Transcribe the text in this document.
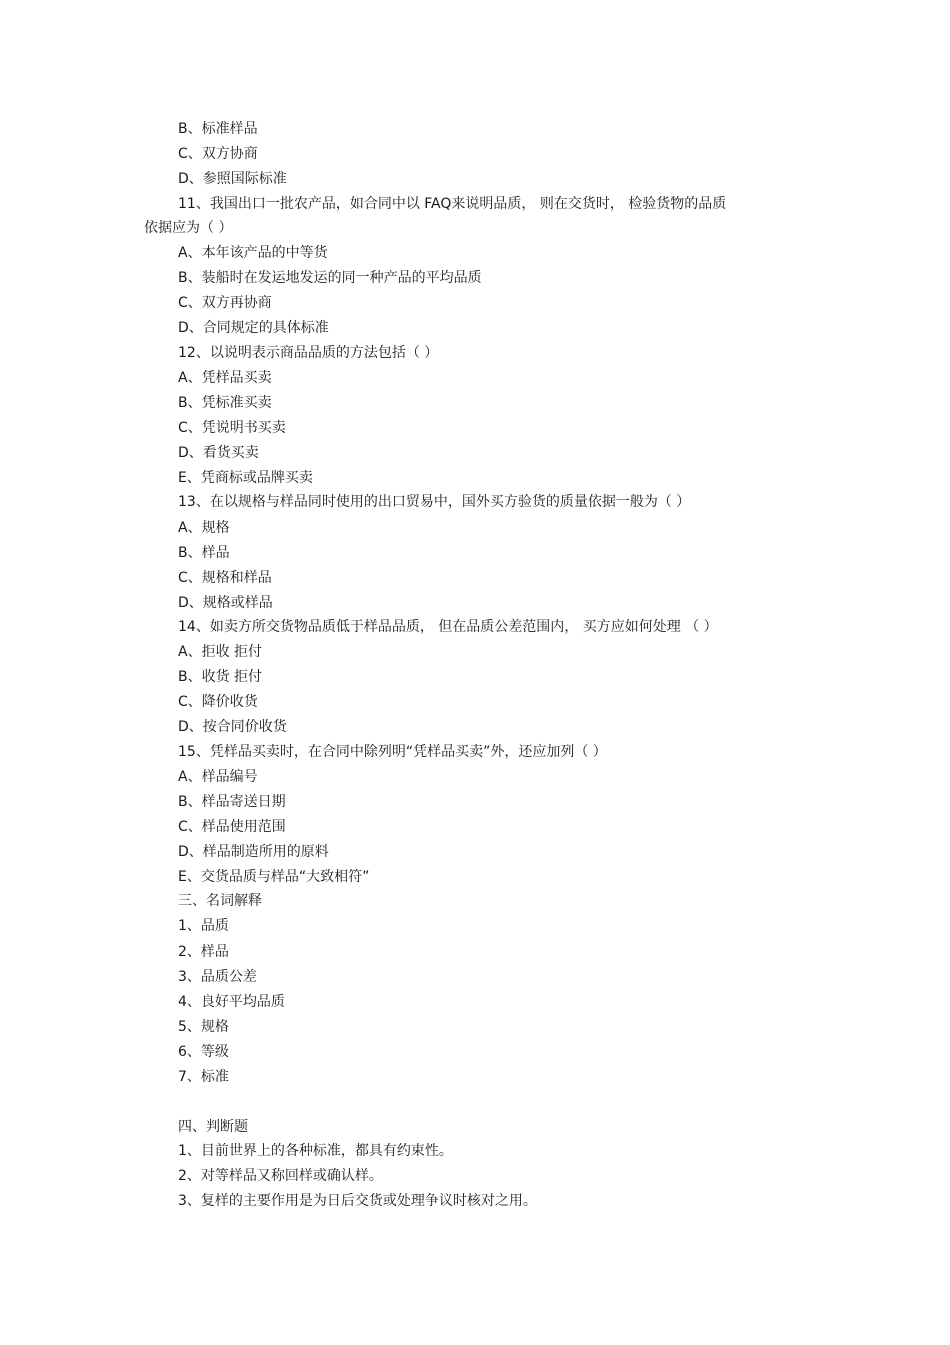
B、标准样品
C、双方协商
D、参照国际标准
11、我国出口一批农产品，如合同中以 FAQ来说明品质， 则在交货时， 检验货物的品质
依据应为（ ）
A、本年该产品的中等货
B、装船时在发运地发运的同一种产品的平均品质
C、双方再协商
D、合同规定的具体标准
12、以说明表示商品品质的方法包括（ ）
A、凭样品买卖
B、凭标准买卖
C、凭说明书买卖
D、看货买卖
E、凭商标或品牌买卖
13、在以规格与样品同时使用的出口贸易中，国外买方验货的质量依据一般为（ ）
A、规格
B、样品
C、规格和样品
D、规格或样品
14、如卖方所交货物品质低于样品品质， 但在品质公差范围内， 买方应如何处理 （ ）
A、拒收 拒付
B、收货 拒付
C、降价收货
D、按合同价收货
15、凭样品买卖时，在合同中除列明“凭样品买卖”外，还应加列（ ）
A、样品编号
B、样品寄送日期
C、样品使用范围
D、样品制造所用的原料
E、交货品质与样品“大致相符”
三、名词解释
1、品质
2、样品
3、品质公差
4、良好平均品质
5、规格
6、等级
7、标准
四、判断题
1、目前世界上的各种标准，都具有约束性。
2、对等样品又称回样或确认样。
3、复样的主要作用是为日后交货或处理争议时核对之用。
